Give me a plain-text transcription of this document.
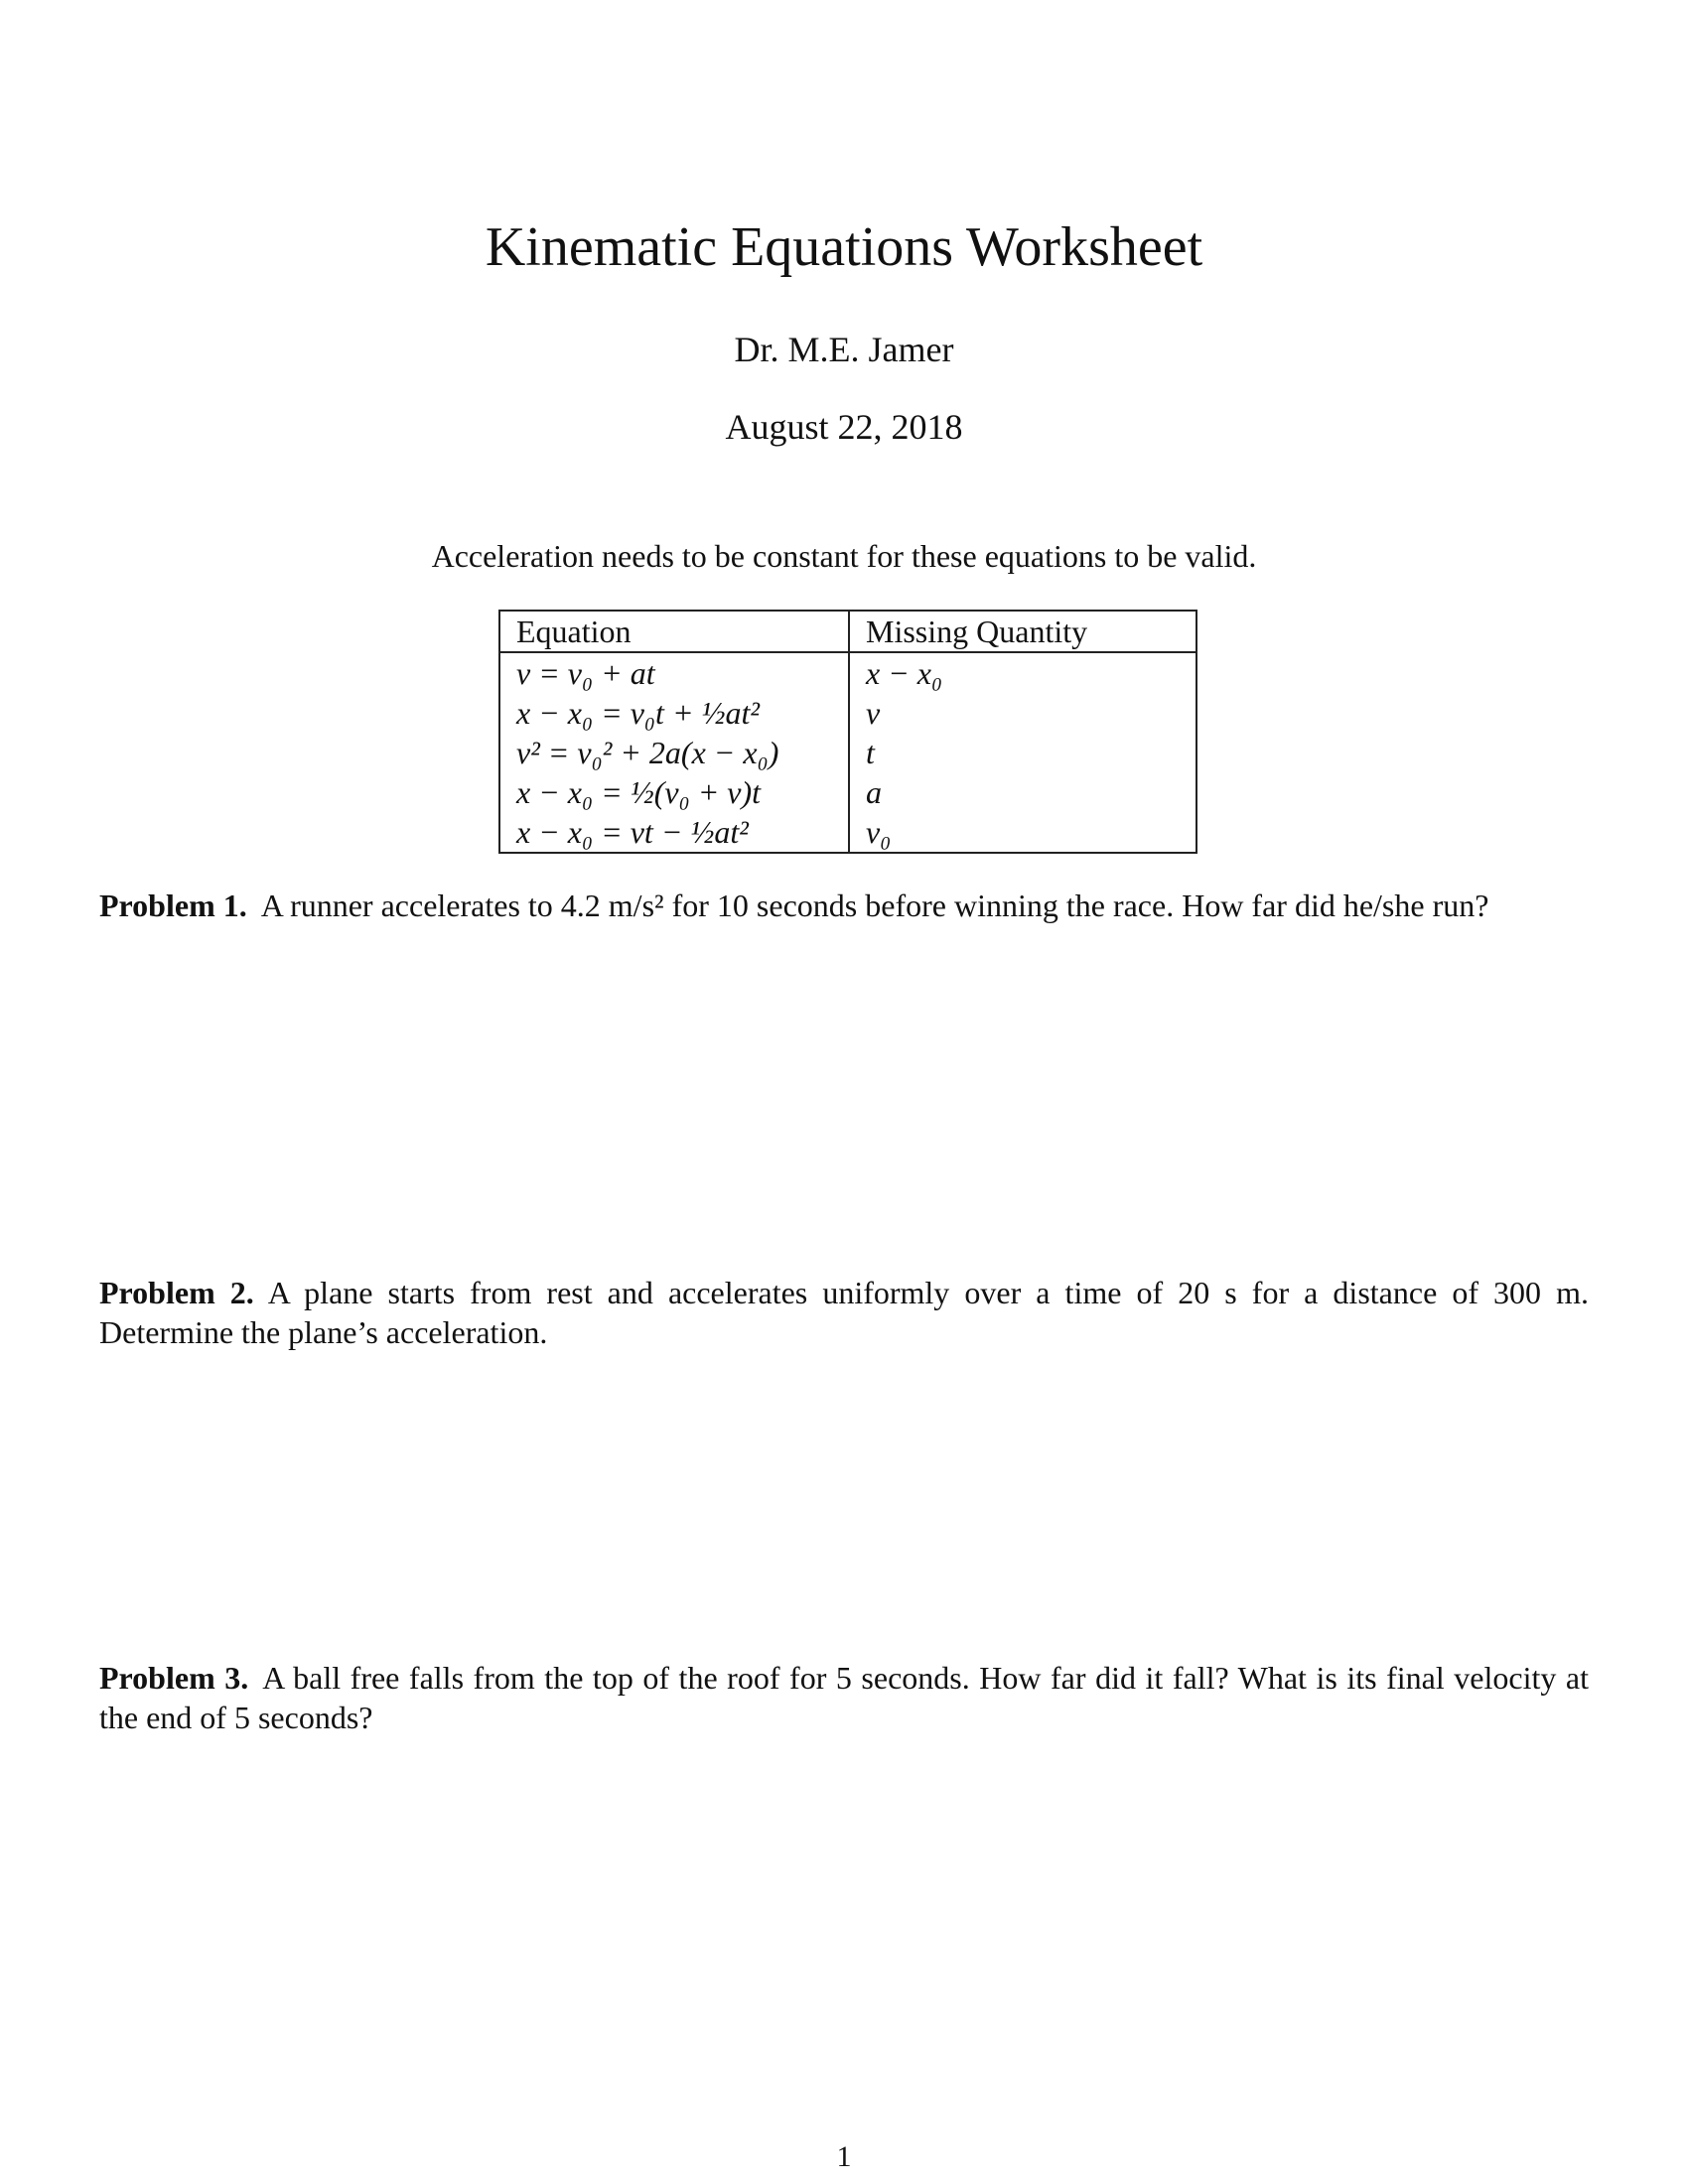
Kinematic Equations Worksheet
Dr. M.E. Jamer
August 22, 2018
Acceleration needs to be constant for these equations to be valid.
Equation	Missing Quantity
v = v₀ + at	x − x₀
x − x₀ = v₀t + ½at²	v
v² = v₀² + 2a(x − x₀)	t
x − x₀ = ½(v₀ + v)t	a
x − x₀ = vt − ½at²	v₀
Problem 1. A runner accelerates to 4.2 m/s² for 10 seconds before winning the race. How far did he/she run?
Problem 2. A plane starts from rest and accelerates uniformly over a time of 20 s for a distance of 300 m. Determine the plane’s acceleration.
Problem 3. A ball free falls from the top of the roof for 5 seconds. How far did it fall? What is its final velocity at the end of 5 seconds?
1
